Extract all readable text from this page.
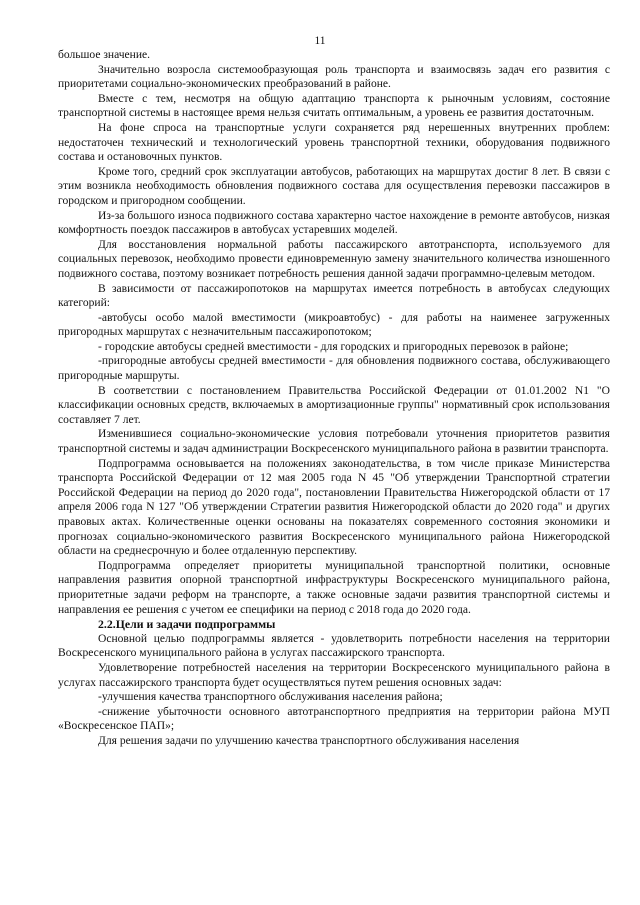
11

большое значение.

Значительно возросла системообразующая роль транспорта и взаимосвязь задач его развития с приоритетами социально-экономических преобразований в районе.

Вместе с тем, несмотря на общую адаптацию транспорта к рыночным условиям, состояние транспортной системы в настоящее время нельзя считать оптимальным, а уровень ее развития достаточным.

На фоне спроса на транспортные услуги сохраняется ряд нерешенных внутренних проблем: недостаточен технический и технологический уровень транспортной техники, оборудования подвижного состава и остановочных пунктов.

Кроме того, средний срок эксплуатации автобусов, работающих на маршрутах достиг 8 лет. В связи с этим возникла необходимость обновления подвижного состава для осуществления перевозки пассажиров в городском и пригородном сообщении.

Из-за большого износа подвижного состава характерно частое нахождение в ремонте автобусов, низкая комфортность поездок пассажиров в автобусах устаревших моделей.

Для восстановления нормальной работы пассажирского автотранспорта, используемого для социальных перевозок, необходимо провести единовременную замену значительного количества изношенного подвижного состава, поэтому возникает потребность решения данной задачи программно-целевым методом.

В зависимости от пассажиропотоков на маршрутах имеется потребность в автобусах следующих категорий:

-автобусы особо малой вместимости (микроавтобус) - для работы на наименее загруженных пригородных маршрутах с незначительным пассажиропотоком;

- городские автобусы средней вместимости - для городских и пригородных перевозок в районе;

-пригородные автобусы средней вместимости - для обновления подвижного состава, обслуживающего пригородные маршруты.

В соответствии с постановлением Правительства Российской Федерации от 01.01.2002 N1 "О классификации основных средств, включаемых в амортизационные группы" нормативный срок использования составляет 7 лет.

Изменившиеся социально-экономические условия потребовали уточнения приоритетов развития транспортной системы и задач администрации Воскресенского муниципального района в развитии транспорта.

Подпрограмма основывается на положениях законодательства, в том числе приказе Министерства транспорта Российской Федерации от 12 мая 2005 года N 45 "Об утверждении Транспортной стратегии Российской Федерации на период до 2020 года", постановлении Правительства Нижегородской области от 17 апреля 2006 года N 127 "Об утверждении Стратегии развития Нижегородской области до 2020 года" и других правовых актах. Количественные оценки основаны на показателях современного состояния экономики и прогнозах социально-экономического развития Воскресенского муниципального района Нижегородской области на среднесрочную и более отдаленную перспективу.

Подпрограмма определяет приоритеты муниципальной транспортной политики, основные направления развития опорной транспортной инфраструктуры Воскресенского муниципального района, приоритетные задачи реформ на транспорте, а также основные задачи развития транспортной системы и направления ее решения с учетом ее специфики на период с 2018 года до 2020 года.

2.2.Цели и задачи подпрограммы

Основной целью подпрограммы является - удовлетворить потребности населения на территории Воскресенского муниципального района в услугах пассажирского транспорта.

Удовлетворение потребностей населения на территории Воскресенского муниципального района в услугах пассажирского транспорта будет осуществляться путем решения основных задач:

-улучшения качества транспортного обслуживания населения района;

-снижение убыточности основного автотранспортного предприятия на территории района МУП «Воскресенское ПАП»;

Для решения задачи по улучшению качества транспортного обслуживания населения
